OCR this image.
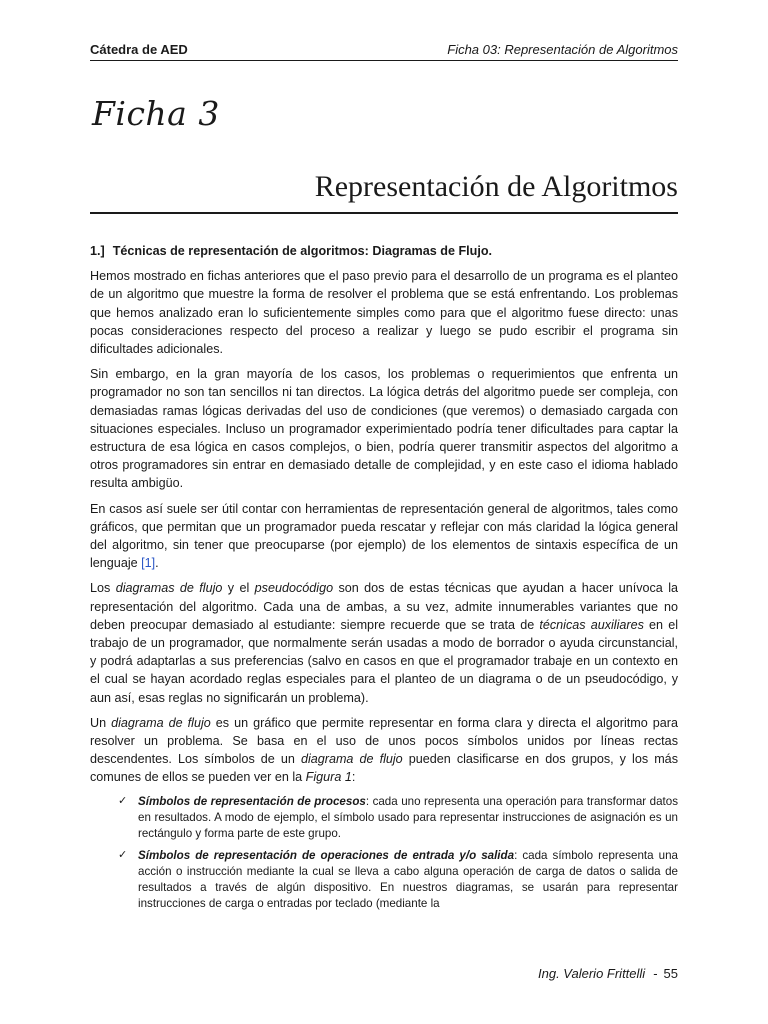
Cátedra de AED	Ficha 03: Representación de Algoritmos
Ficha 3
Representación de Algoritmos
1.] Técnicas de representación de algoritmos: Diagramas de Flujo.

Hemos mostrado en fichas anteriores que el paso previo para el desarrollo de un programa es el planteo de un algoritmo que muestre la forma de resolver el problema que se está enfrentando. Los problemas que hemos analizado eran lo suficientemente simples como para que el algoritmo fuese directo: unas pocas consideraciones respecto del proceso a realizar y luego se pudo escribir el programa sin dificultades adicionales.

Sin embargo, en la gran mayoría de los casos, los problemas o requerimientos que enfrenta un programador no son tan sencillos ni tan directos. La lógica detrás del algoritmo puede ser compleja, con demasiadas ramas lógicas derivadas del uso de condiciones (que veremos) o demasiado cargada con situaciones especiales. Incluso un programador experimientado podría tener dificultades para captar la estructura de esa lógica en casos complejos, o bien, podría querer transmitir aspectos del algoritmo a otros programadores sin entrar en demasiado detalle de complejidad, y en este caso el idioma hablado resulta ambigüo.

En casos así suele ser útil contar con herramientas de representación general de algoritmos, tales como gráficos, que permitan que un programador pueda rescatar y reflejar con más claridad la lógica general del algoritmo, sin tener que preocuparse (por ejemplo) de los elementos de sintaxis específica de un lenguaje [1].

Los diagramas de flujo y el pseudocódigo son dos de estas técnicas que ayudan a hacer unívoca la representación del algoritmo. Cada una de ambas, a su vez, admite innumerables variantes que no deben preocupar demasiado al estudiante: siempre recuerde que se trata de técnicas auxiliares en el trabajo de un programador, que normalmente serán usadas a modo de borrador o ayuda circunstancial, y podrá adaptarlas a sus preferencias (salvo en casos en que el programador trabaje en un contexto en el cual se hayan acordado reglas especiales para el planteo de un diagrama o de un pseudocódigo, y aun así, esas reglas no significarán un problema).

Un diagrama de flujo es un gráfico que permite representar en forma clara y directa el algoritmo para resolver un problema. Se basa en el uso de unos pocos símbolos unidos por líneas rectas descendentes. Los símbolos de un diagrama de flujo pueden clasificarse en dos grupos, y los más comunes de ellos se pueden ver en la Figura 1:

✓ Símbolos de representación de procesos: cada uno representa una operación para transformar datos en resultados. A modo de ejemplo, el símbolo usado para representar instrucciones de asignación es un rectángulo y forma parte de este grupo.
✓ Símbolos de representación de operaciones de entrada y/o salida: cada símbolo representa una acción o instrucción mediante la cual se lleva a cabo alguna operación de carga de datos o salida de resultados a través de algún dispositivo. En nuestros diagramas, se usarán para representar instrucciones de carga o entradas por teclado (mediante la
Ing. Valerio Frittelli - 55
